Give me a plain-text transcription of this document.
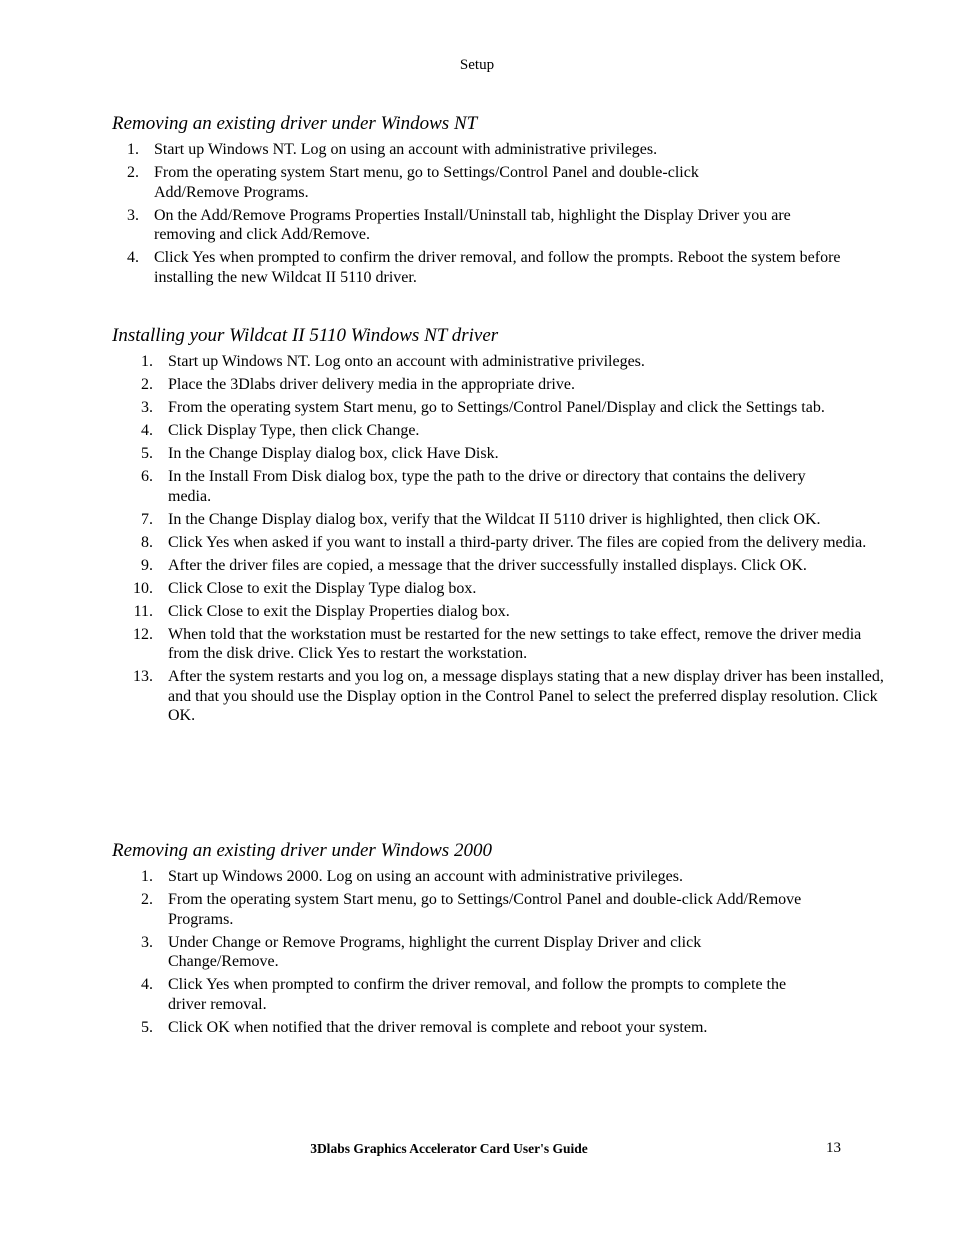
Setup
Removing an existing driver under Windows NT
1. Start up Windows NT. Log on using an account with administrative privileges.
2. From the operating system Start menu, go to Settings/Control Panel and double-click Add/Remove Programs.
3. On the Add/Remove Programs Properties Install/Uninstall tab, highlight the Display Driver you are removing and click Add/Remove.
4. Click Yes when prompted to confirm the driver removal, and follow the prompts. Reboot the system before installing the new Wildcat II 5110 driver.
Installing your Wildcat II 5110 Windows NT driver
1. Start up Windows NT. Log onto an account with administrative privileges.
2. Place the 3Dlabs driver delivery media in the appropriate drive.
3. From the operating system Start menu, go to Settings/Control Panel/Display and click the Settings tab.
4. Click Display Type, then click Change.
5. In the Change Display dialog box, click Have Disk.
6. In the Install From Disk dialog box, type the path to the drive or directory that contains the delivery media.
7. In the Change Display dialog box, verify that the Wildcat II 5110 driver is highlighted, then click OK.
8. Click Yes when asked if you want to install a third-party driver. The files are copied from the delivery media.
9. After the driver files are copied, a message that the driver successfully installed displays. Click OK.
10. Click Close to exit the Display Type dialog box.
11. Click Close to exit the Display Properties dialog box.
12. When told that the workstation must be restarted for the new settings to take effect, remove the driver media from the disk drive. Click Yes to restart the workstation.
13. After the system restarts and you log on, a message displays stating that a new display driver has been installed, and that you should use the Display option in the Control Panel to select the preferred display resolution. Click OK.
Removing an existing driver under Windows 2000
1. Start up Windows 2000. Log on using an account with administrative privileges.
2. From the operating system Start menu, go to Settings/Control Panel and double-click Add/Remove Programs.
3. Under Change or Remove Programs, highlight the current Display Driver and click Change/Remove.
4. Click Yes when prompted to confirm the driver removal, and follow the prompts to complete the driver removal.
5. Click OK when notified that the driver removal is complete and reboot your system.
3Dlabs Graphics Accelerator Card User's Guide	13
